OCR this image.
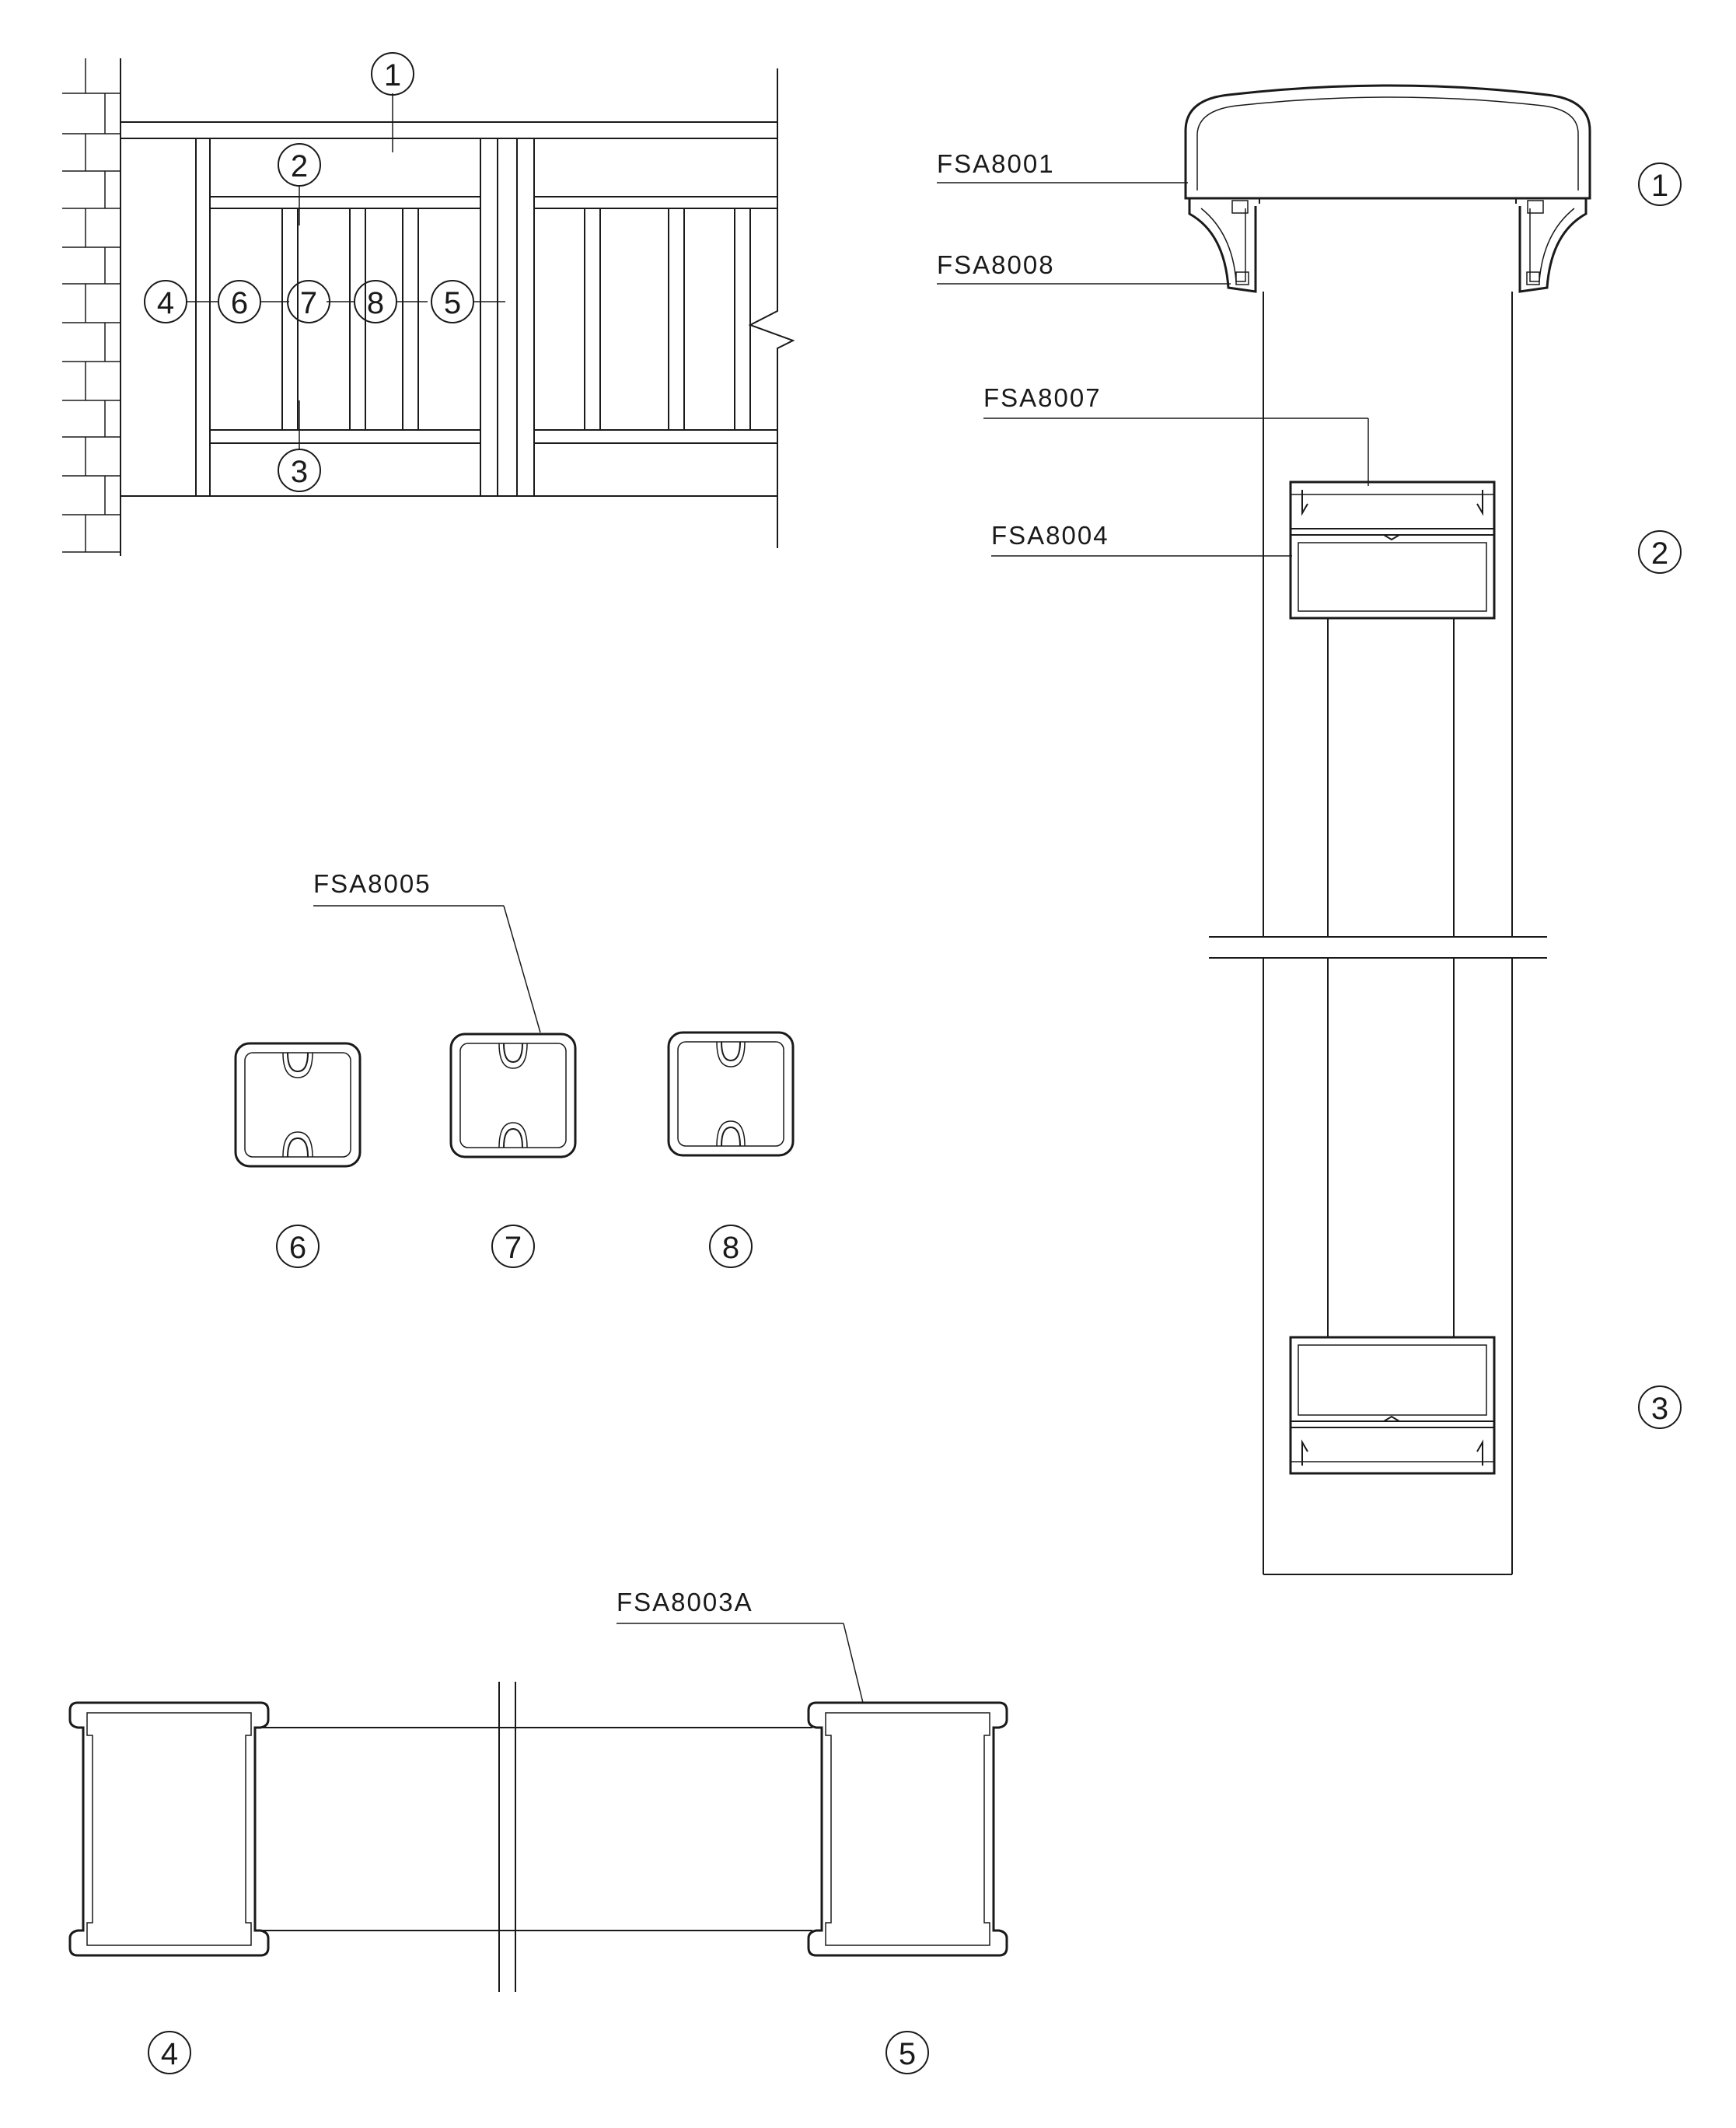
1
2
3
4 6 7 8 5
FSA8001
FSA8008
FSA8007
FSA8004
1
2
3
FSA8005
6	7	8
FSA8003A
4	5
